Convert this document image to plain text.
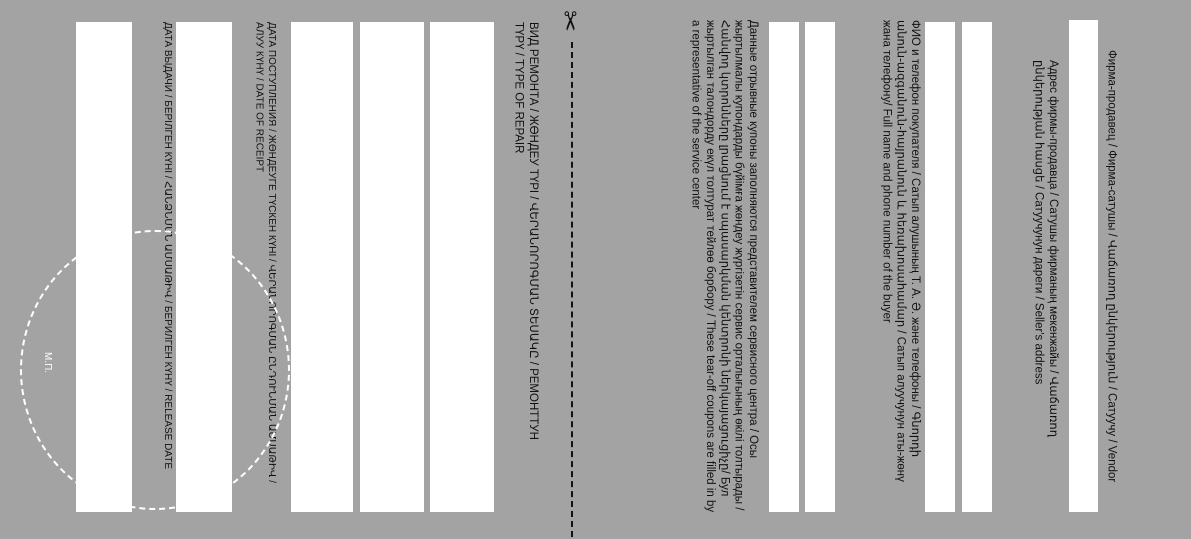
Фирма-продавец / Фирма-сатушы / Վաճառող ընկերություն / Сатуучу / Vendor
Адрес фирмы-продавца / Сатушы фирманың мекенжайы / Վաճառող ընկերության հասցե / Сатуучунун дареги / Seller's address
ФИО и телефон покупателя / Сатып алушының Т. А. Ә. және телефоны / Գնորդի անուն-ազգանուն-հայրանուն և հեռախոսահամար / Сатып алуучунун аты-жөнү жана телефону/ Full name and phone number of the buyer
Данные отрывные купоны заполняются представителем сервисного центра / Осы жыртылмалы купондарды бүйімға жөндеу жүргізетін сервис орталығының өкілі толтырады / Հանվող կտրոնները լրացնում է սպասարկման կենտրոնի ներկայացուցիչը/ Бул жыртылган талондорду екүл толтурат тейлөө борбору / These tear-off coupons are filled in by a representative of the service center
✂
ВИД РЕМОНТА / ЖӨНДЕУ ТҮРІ / ՎԵՐԱՆՈՐՈԳՄԱՆ ՏԵՍԱԿԸ / РЕМОНТТУН ТҮРҮ / TYPE OF REPAIR
ДАТА ПОСТУПЛЕНИЯ / ЖӨНДЕУГЕ ТҮСКЕН КҮНІ / ՎԵՐԱՆՈՐՈԳՄԱՆ ԸՆԴՈՒՆՄԱՆ ԱՄՍԱԹԻՎ / АЛУУ КҮНҮ / DATE OF RECEIPT
ДАТА ВЫДАЧИ / БЕРІЛГЕН КҮНІ / ՀԱՆՁՆՄԱՆ ԱՄՍԱԹԻՎ / БЕРИЛГЕН КҮНҮ / RELEASE DATE
М.П.
